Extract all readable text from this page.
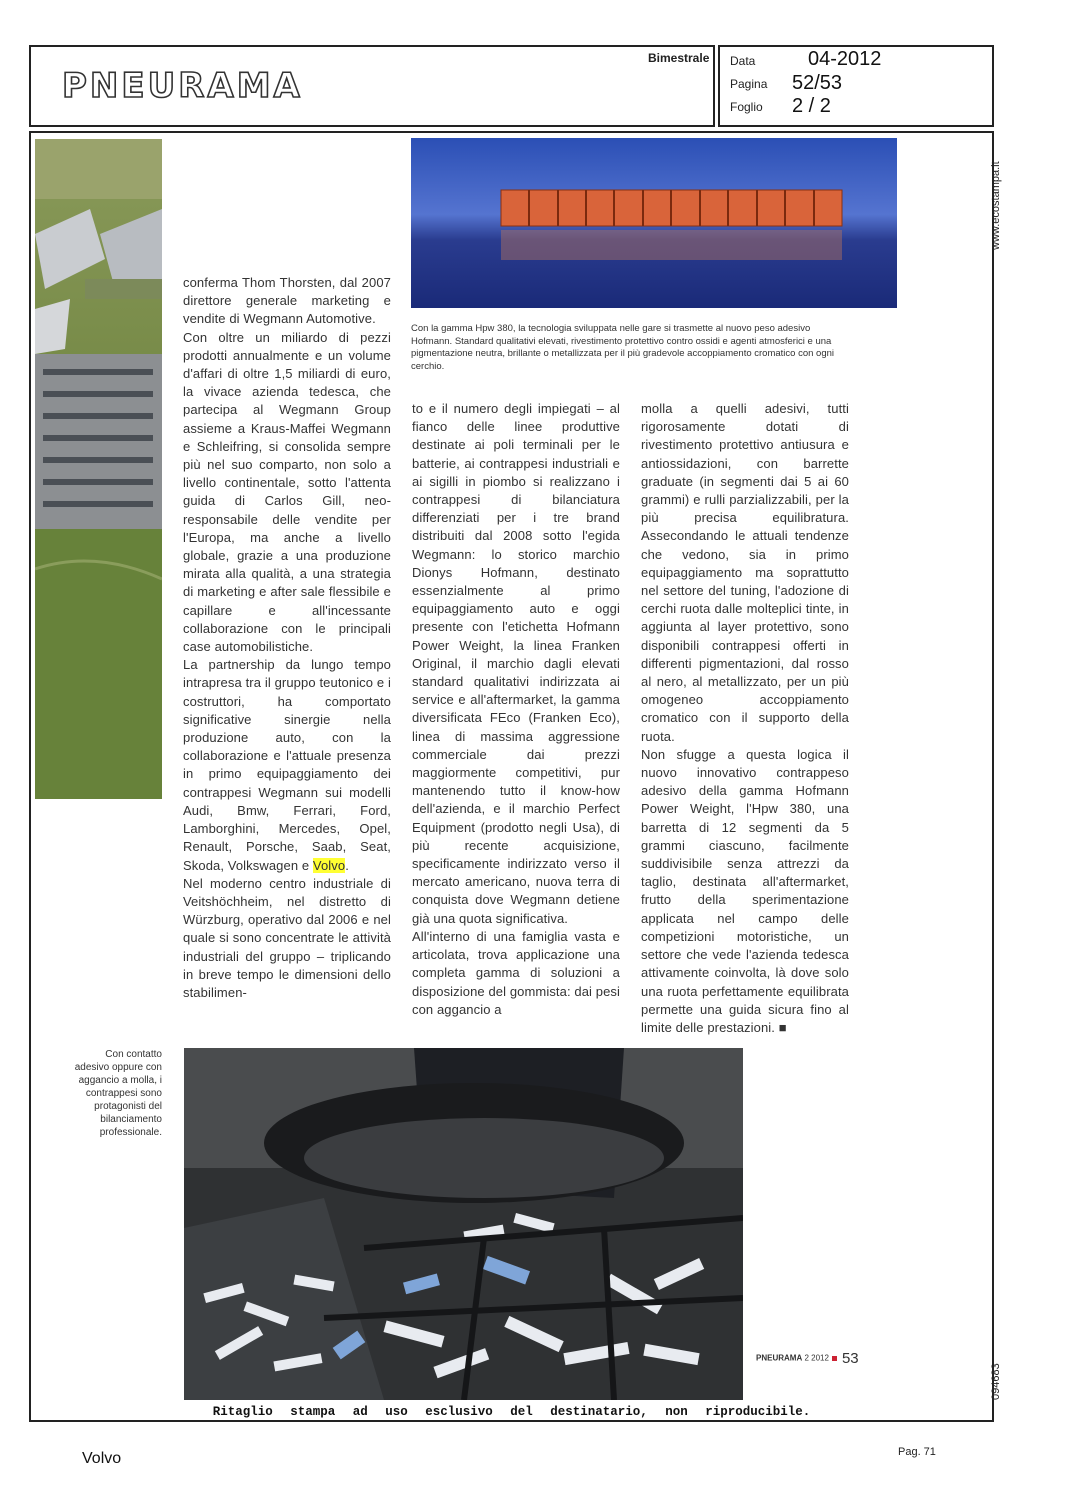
PNEURAMA
Bimestrale Data	04-2012
Pagina 52/53
Foglio 2 / 2
www.ecostampa.it
094683
Con la gamma Hpw 380, la tecnologia sviluppata nelle gare si trasmette al nuovo peso adesivo Hofmann. Standard qualitativi elevati, rivestimento protettivo contro ossidi e agenti atmosferici e una pigmentazione neutra, brillante o metallizzata per il più gradevole accoppiamento cromatico con ogni cerchio.

conferma Thom Thorsten, dal 2007 direttore generale marketing e vendite di Wegmann Automotive.

Con oltre un miliardo di pezzi prodotti annualmente e un volume d'affari di oltre 1,5 miliardi di euro, la vivace azienda tedesca, che partecipa al Wegmann Group assieme a Kraus-Maffei Wegmann e Schleifring, si consolida sempre più nel suo comparto, non solo a livello continentale, sotto l'attenta guida di Carlos Gill, neo-responsabile delle vendite per l'Europa, ma anche a livello globale, grazie a una produzione mirata alla qualità, a una strategia di marketing e after sale flessibile e capillare e all'incessante collaborazione con le principali case automobilistiche.

La partnership da lungo tempo intrapresa tra il gruppo teutonico e i costruttori, ha comportato significative sinergie nella produzione auto, con la collaborazione e l'attuale presenza in primo equipaggiamento dei contrappesi Wegmann sui modelli Audi, Bmw, Ferrari, Ford, Lamborghini, Mercedes, Opel, Renault, Porsche, Saab, Seat, Skoda, Volkswagen e Volvo.

Nel moderno centro industriale di Veitshöchheim, nel distretto di Würzburg, operativo dal 2006 e nel quale si sono concentrate le attività industriali del gruppo – triplicando in breve tempo le dimensioni dello stabilimen-

to e il numero degli impiegati – al fianco delle linee produttive destinate ai poli terminali per le batterie, ai contrappesi industriali e ai sigilli in piombo si realizzano i contrappesi di bilanciatura differenziati per i tre brand distribuiti dal 2008 sotto l'egida Wegmann: lo storico marchio Dionys Hofmann, destinato essenzialmente al primo equipaggiamento auto e oggi presente con l'etichetta Hofmann Power Weight, la linea Franken Original, il marchio dagli elevati standard qualitativi indirizzata ai service e all'aftermarket, la gamma diversificata FEco (Franken Eco), linea di massima aggressione commerciale dai prezzi maggiormente competitivi, pur mantenendo tutto il know-how dell'azienda, e il marchio Perfect Equipment (prodotto negli Usa), di più recente acquisizione, specificamente indirizzato verso il mercato americano, nuova terra di conquista dove Wegmann detiene già una quota significativa.

All'interno di una famiglia vasta e articolata, trova applicazione una completa gamma di soluzioni a disposizione del gommista: dai pesi con aggancio a

molla a quelli adesivi, tutti rigorosamente dotati di rivestimento protettivo antiusura e antiossidazioni, con barrette graduate (in segmenti dai 5 ai 60 grammi) e rulli parzializzabili, per la più precisa equilibratura. Assecondando le attuali tendenze che vedono, sia in primo equipaggiamento ma soprattutto nel settore del tuning, l'adozione di cerchi ruota dalle molteplici tinte, in aggiunta al layer protettivo, sono disponibili contrappesi offerti in differenti pigmentazioni, dal rosso al nero, al metallizzato, per un più omogeneo accoppiamento cromatico con il supporto della ruota.

Non sfugge a questa logica il nuovo innovativo contrappeso adesivo della gamma Hofmann Power Weight, l'Hpw 380, una barretta di 12 segmenti da 5 grammi ciascuno, facilmente suddivisibile senza attrezzi da taglio, destinata all'aftermarket, frutto della sperimentazione applicata nel campo delle competizioni motoristiche, un settore che vede l'azienda tedesca attivamente coinvolta, là dove solo una ruota perfettamente equilibrata permette una guida sicura fino al limite delle prestazioni. ■

Con contatto adesivo oppure con aggancio a molla, i contrappesi sono protagonisti del bilanciamento professionale.
PNEURAMA 2 2012 53
Ritaglio stampa ad uso esclusivo del destinatario, non riproducibile.
Volvo	Pag. 71
